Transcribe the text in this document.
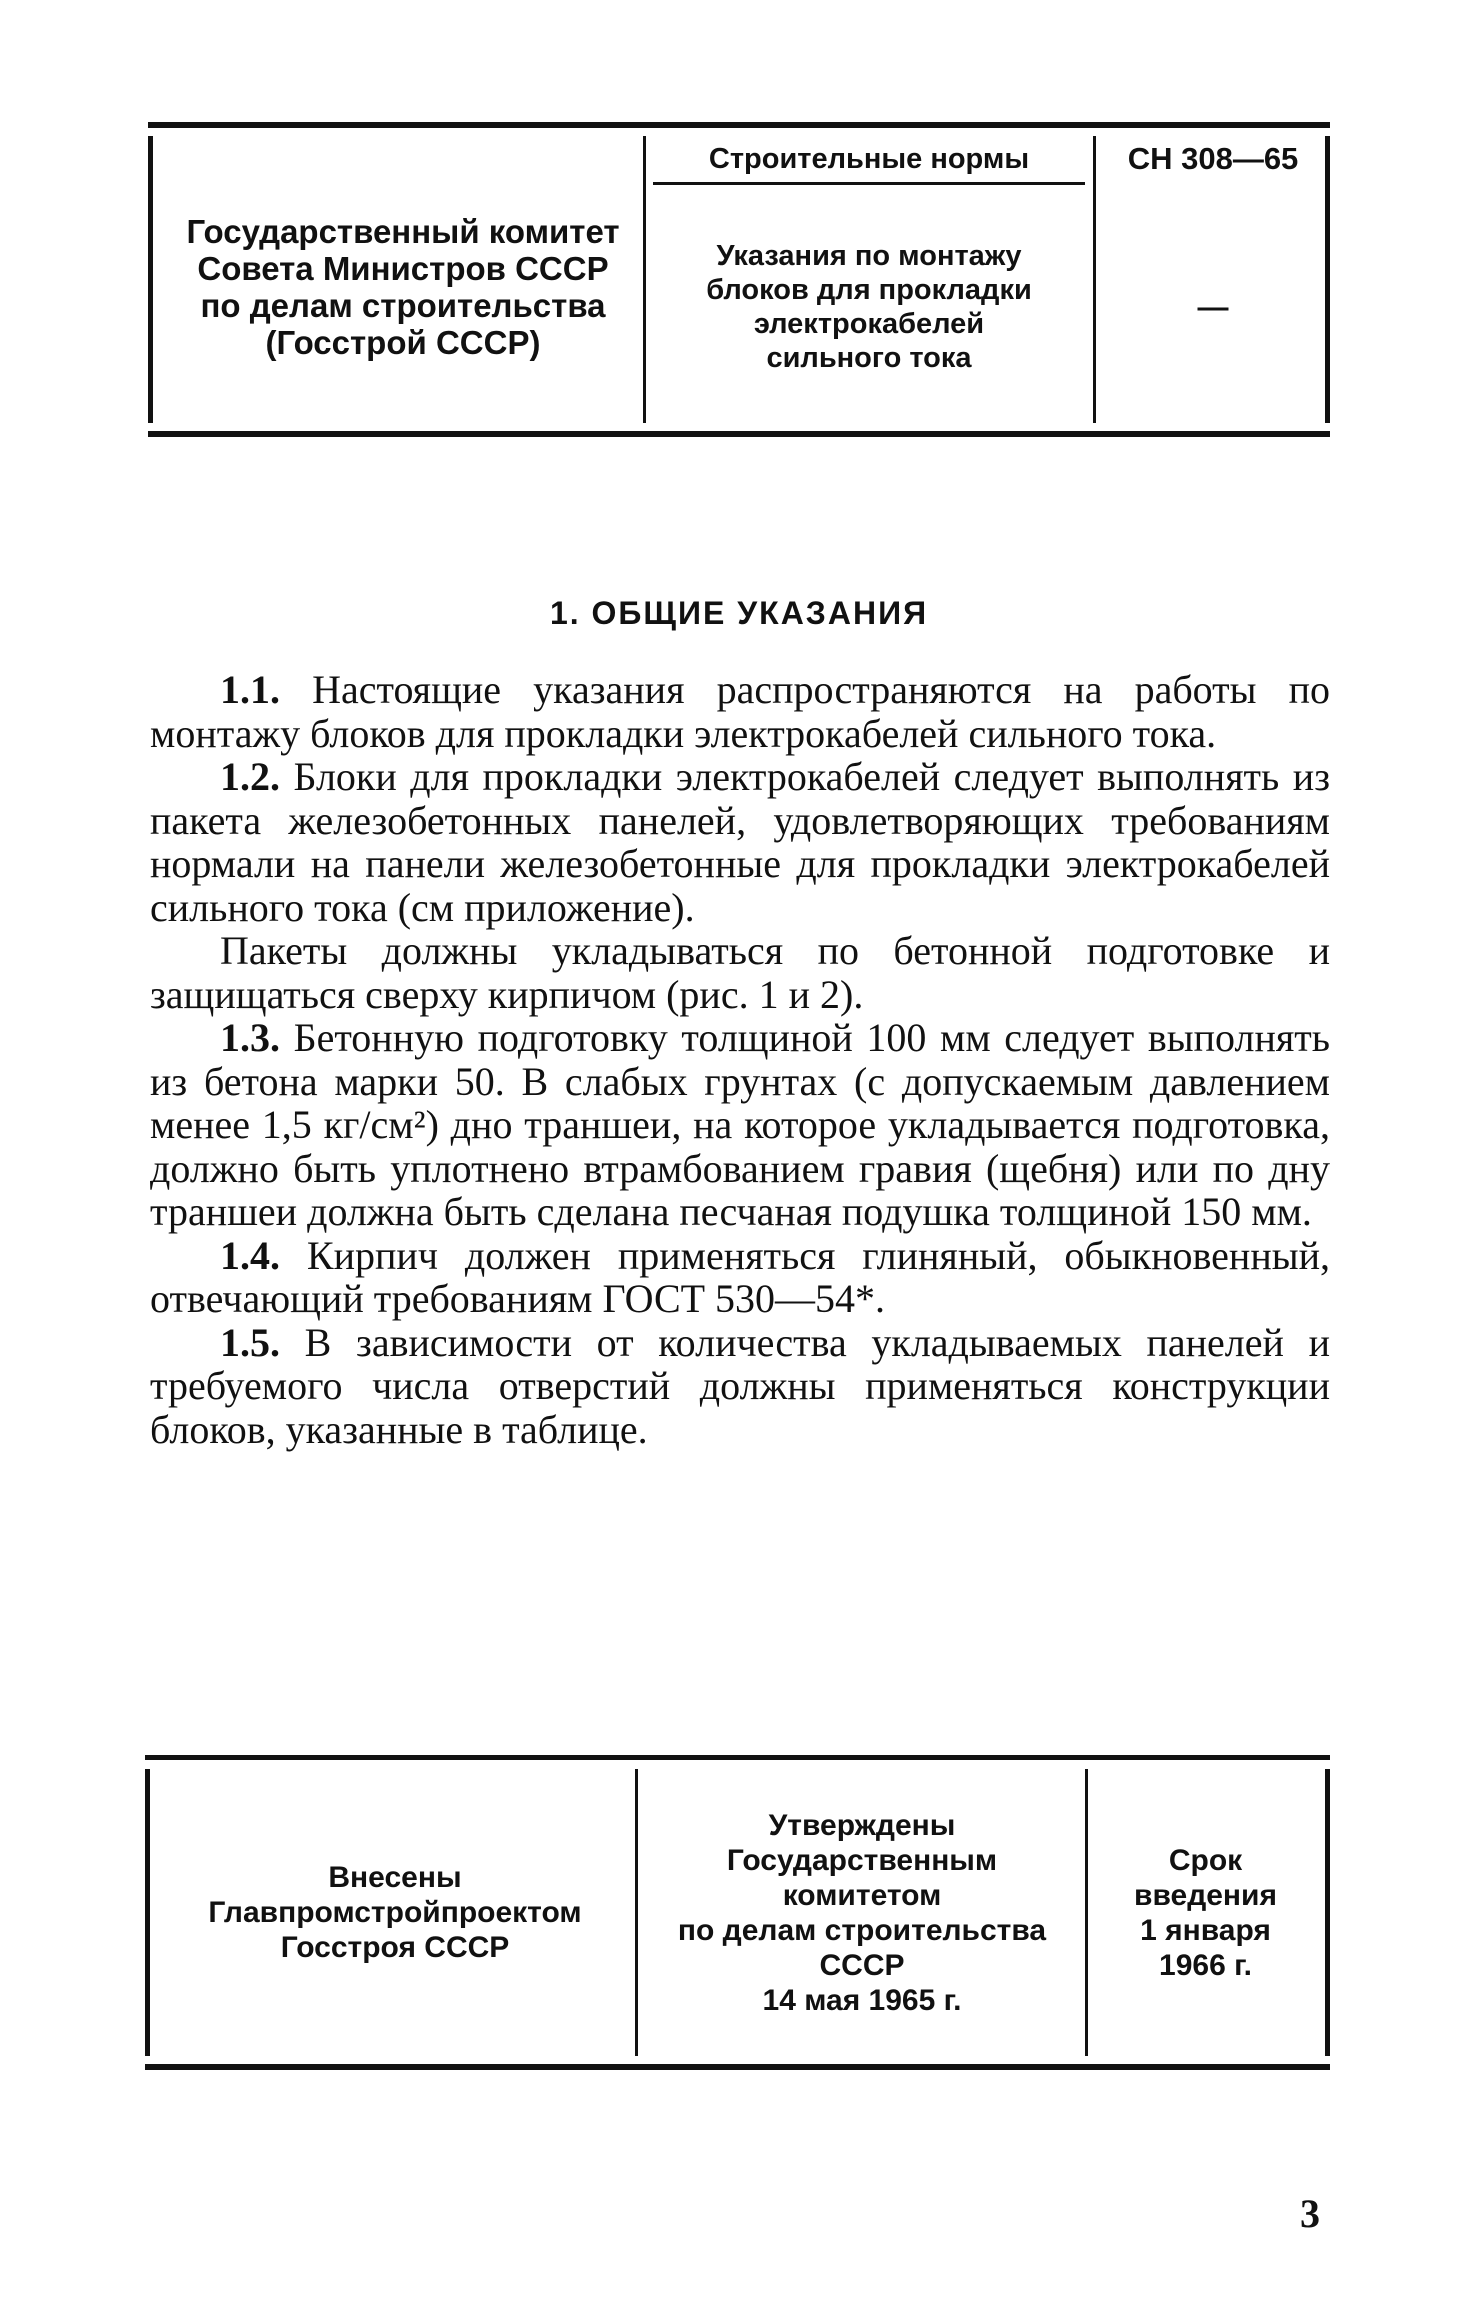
Государственный комитет
Совета Министров СССР
по делам строительства
(Госстрой СССР)
Строительные нормы
Указания по монтажу
блоков для прокладки
электрокабелей
сильного тока
СН 308—65
—
1. ОБЩИЕ УКАЗАНИЯ

1.1. Настоящие указания распространяются на работы по монтажу блоков для прокладки электрокабелей сильного тока.

1.2. Блоки для прокладки электрокабелей следует выполнять из пакета железобетонных панелей, удовлетворяющих требованиям нормали на панели железобетонные для прокладки электрокабелей сильного тока (см приложение).

Пакеты должны укладываться по бетонной подготовке и защищаться сверху кирпичом (рис. 1 и 2).

1.3. Бетонную подготовку толщиной 100 мм следует выполнять из бетона марки 50. В слабых грунтах (с допускаемым давлением менее 1,5 кг/см²) дно траншеи, на которое укладывается подготовка, должно быть уплотнено втрамбованием гравия (щебня) или по дну траншеи должна быть сделана песчаная подушка толщиной 150 мм.

1.4. Кирпич должен применяться глиняный, обыкновенный, отвечающий требованиям ГОСТ 530—54*.

1.5. В зависимости от количества укладываемых панелей и требуемого числа отверстий должны применяться конструкции блоков, указанные в таблице.

Внесены
Главпромстройпроектом
Госстроя СССР
Утверждены
Государственным
комитетом
по делам строительства
СССР
14 мая 1965 г.
Срок
введения
1 января
1966 г.
3
